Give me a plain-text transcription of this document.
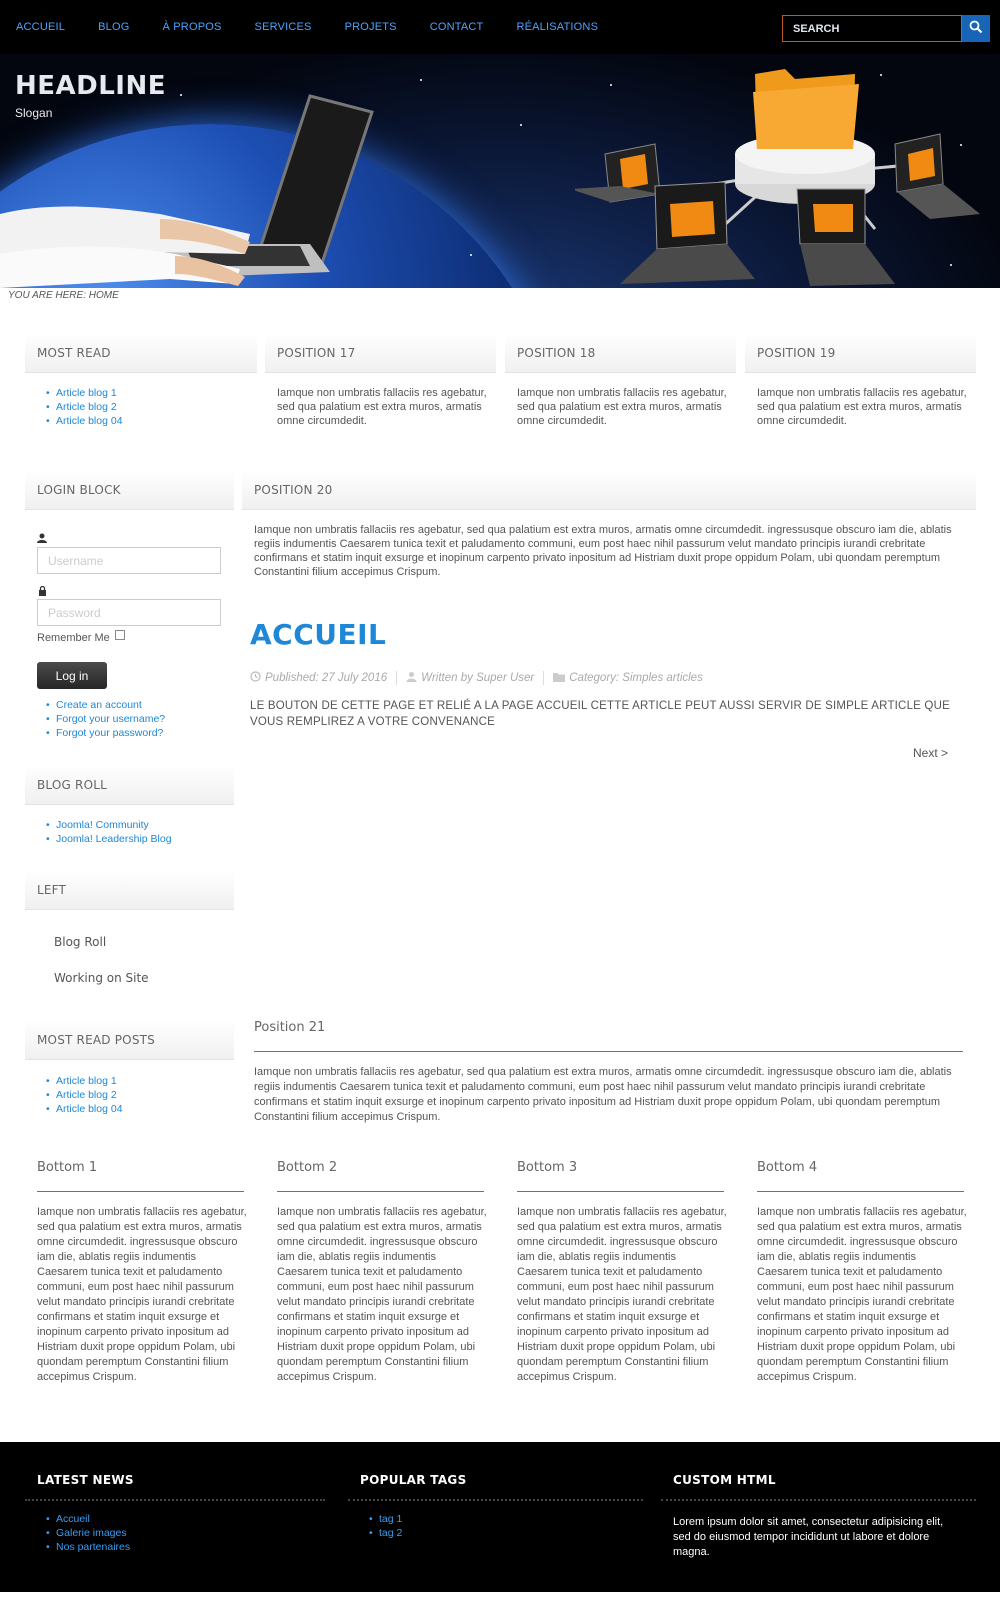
ACCUEIL	BLOG	À PROPOS	SERVICES	PROJETS	CONTACT	RÉALISATIONS
SEARCH
HEADLINE
Slogan
YOU ARE HERE: HOME
MOST READ
• Article blog 1
• Article blog 2
• Article blog 04
POSITION 17
Iamque non umbratis fallaciis res agebatur, sed qua palatium est extra muros, armatis omne circumdedit.
POSITION 18
Iamque non umbratis fallaciis res agebatur, sed qua palatium est extra muros, armatis omne circumdedit.
POSITION 19
Iamque non umbratis fallaciis res agebatur, sed qua palatium est extra muros, armatis omne circumdedit.
LOGIN BLOCK
Username
Remember Me
Log in
• Create an account
• Forgot your username?
• Forgot your password?
BLOG ROLL
• Joomla! Community
• Joomla! Leadership Blog
LEFT
Blog Roll
Working on Site
MOST READ POSTS
• Article blog 1
• Article blog 2
• Article blog 04
POSITION 20
Iamque non umbratis fallaciis res agebatur, sed qua palatium est extra muros, armatis omne circumdedit. ingressusque obscuro iam die, ablatis regiis indumentis Caesarem tunica texit et paludamento communi, eum post haec nihil passurum velut mandato principis iurandi crebritate confirmans et statim inquit exsurge et inopinum carpento privato inpositum ad Histriam duxit prope oppidum Polam, ubi quondam peremptum Constantini filium accepimus Crispum.
ACCUEIL
Published: 27 July 2016	Written by Super User	Category: Simples articles
LE BOUTON DE CETTE PAGE ET RELIÉ A LA PAGE ACCUEIL CETTE ARTICLE PEUT AUSSI SERVIR DE SIMPLE ARTICLE QUE VOUS REMPLIREZ A VOTRE CONVENANCE
Next >
Position 21
Iamque non umbratis fallaciis res agebatur, sed qua palatium est extra muros, armatis omne circumdedit. ingressusque obscuro iam die, ablatis regiis indumentis Caesarem tunica texit et paludamento communi, eum post haec nihil passurum velut mandato principis iurandi crebritate confirmans et statim inquit exsurge et inopinum carpento privato inpositum ad Histriam duxit prope oppidum Polam, ubi quondam peremptum Constantini filium accepimus Crispum.
Bottom 1
Iamque non umbratis fallaciis res agebatur, sed qua palatium est extra muros, armatis omne circumdedit. ingressusque obscuro iam die, ablatis regiis indumentis Caesarem tunica texit et paludamento communi, eum post haec nihil passurum velut mandato principis iurandi crebritate confirmans et statim inquit exsurge et inopinum carpento privato inpositum ad Histriam duxit prope oppidum Polam, ubi quondam peremptum Constantini filium accepimus Crispum.
Bottom 2
Iamque non umbratis fallaciis res agebatur, sed qua palatium est extra muros, armatis omne circumdedit. ingressusque obscuro iam die, ablatis regiis indumentis Caesarem tunica texit et paludamento communi, eum post haec nihil passurum velut mandato principis iurandi crebritate confirmans et statim inquit exsurge et inopinum carpento privato inpositum ad Histriam duxit prope oppidum Polam, ubi quondam peremptum Constantini filium accepimus Crispum.
Bottom 3
Iamque non umbratis fallaciis res agebatur, sed qua palatium est extra muros, armatis omne circumdedit. ingressusque obscuro iam die, ablatis regiis indumentis Caesarem tunica texit et paludamento communi, eum post haec nihil passurum velut mandato principis iurandi crebritate confirmans et statim inquit exsurge et inopinum carpento privato inpositum ad Histriam duxit prope oppidum Polam, ubi quondam peremptum Constantini filium accepimus Crispum.
Bottom 4
Iamque non umbratis fallaciis res agebatur, sed qua palatium est extra muros, armatis omne circumdedit. ingressusque obscuro iam die, ablatis regiis indumentis Caesarem tunica texit et paludamento communi, eum post haec nihil passurum velut mandato principis iurandi crebritate confirmans et statim inquit exsurge et inopinum carpento privato inpositum ad Histriam duxit prope oppidum Polam, ubi quondam peremptum Constantini filium accepimus Crispum.
LATEST NEWS
• Accueil
• Galerie images
• Nos partenaires
POPULAR TAGS
• tag 1
• tag 2
CUSTOM HTML
Lorem ipsum dolor sit amet, consectetur adipisicing elit, sed do eiusmod tempor incididunt ut labore et dolore magna.
